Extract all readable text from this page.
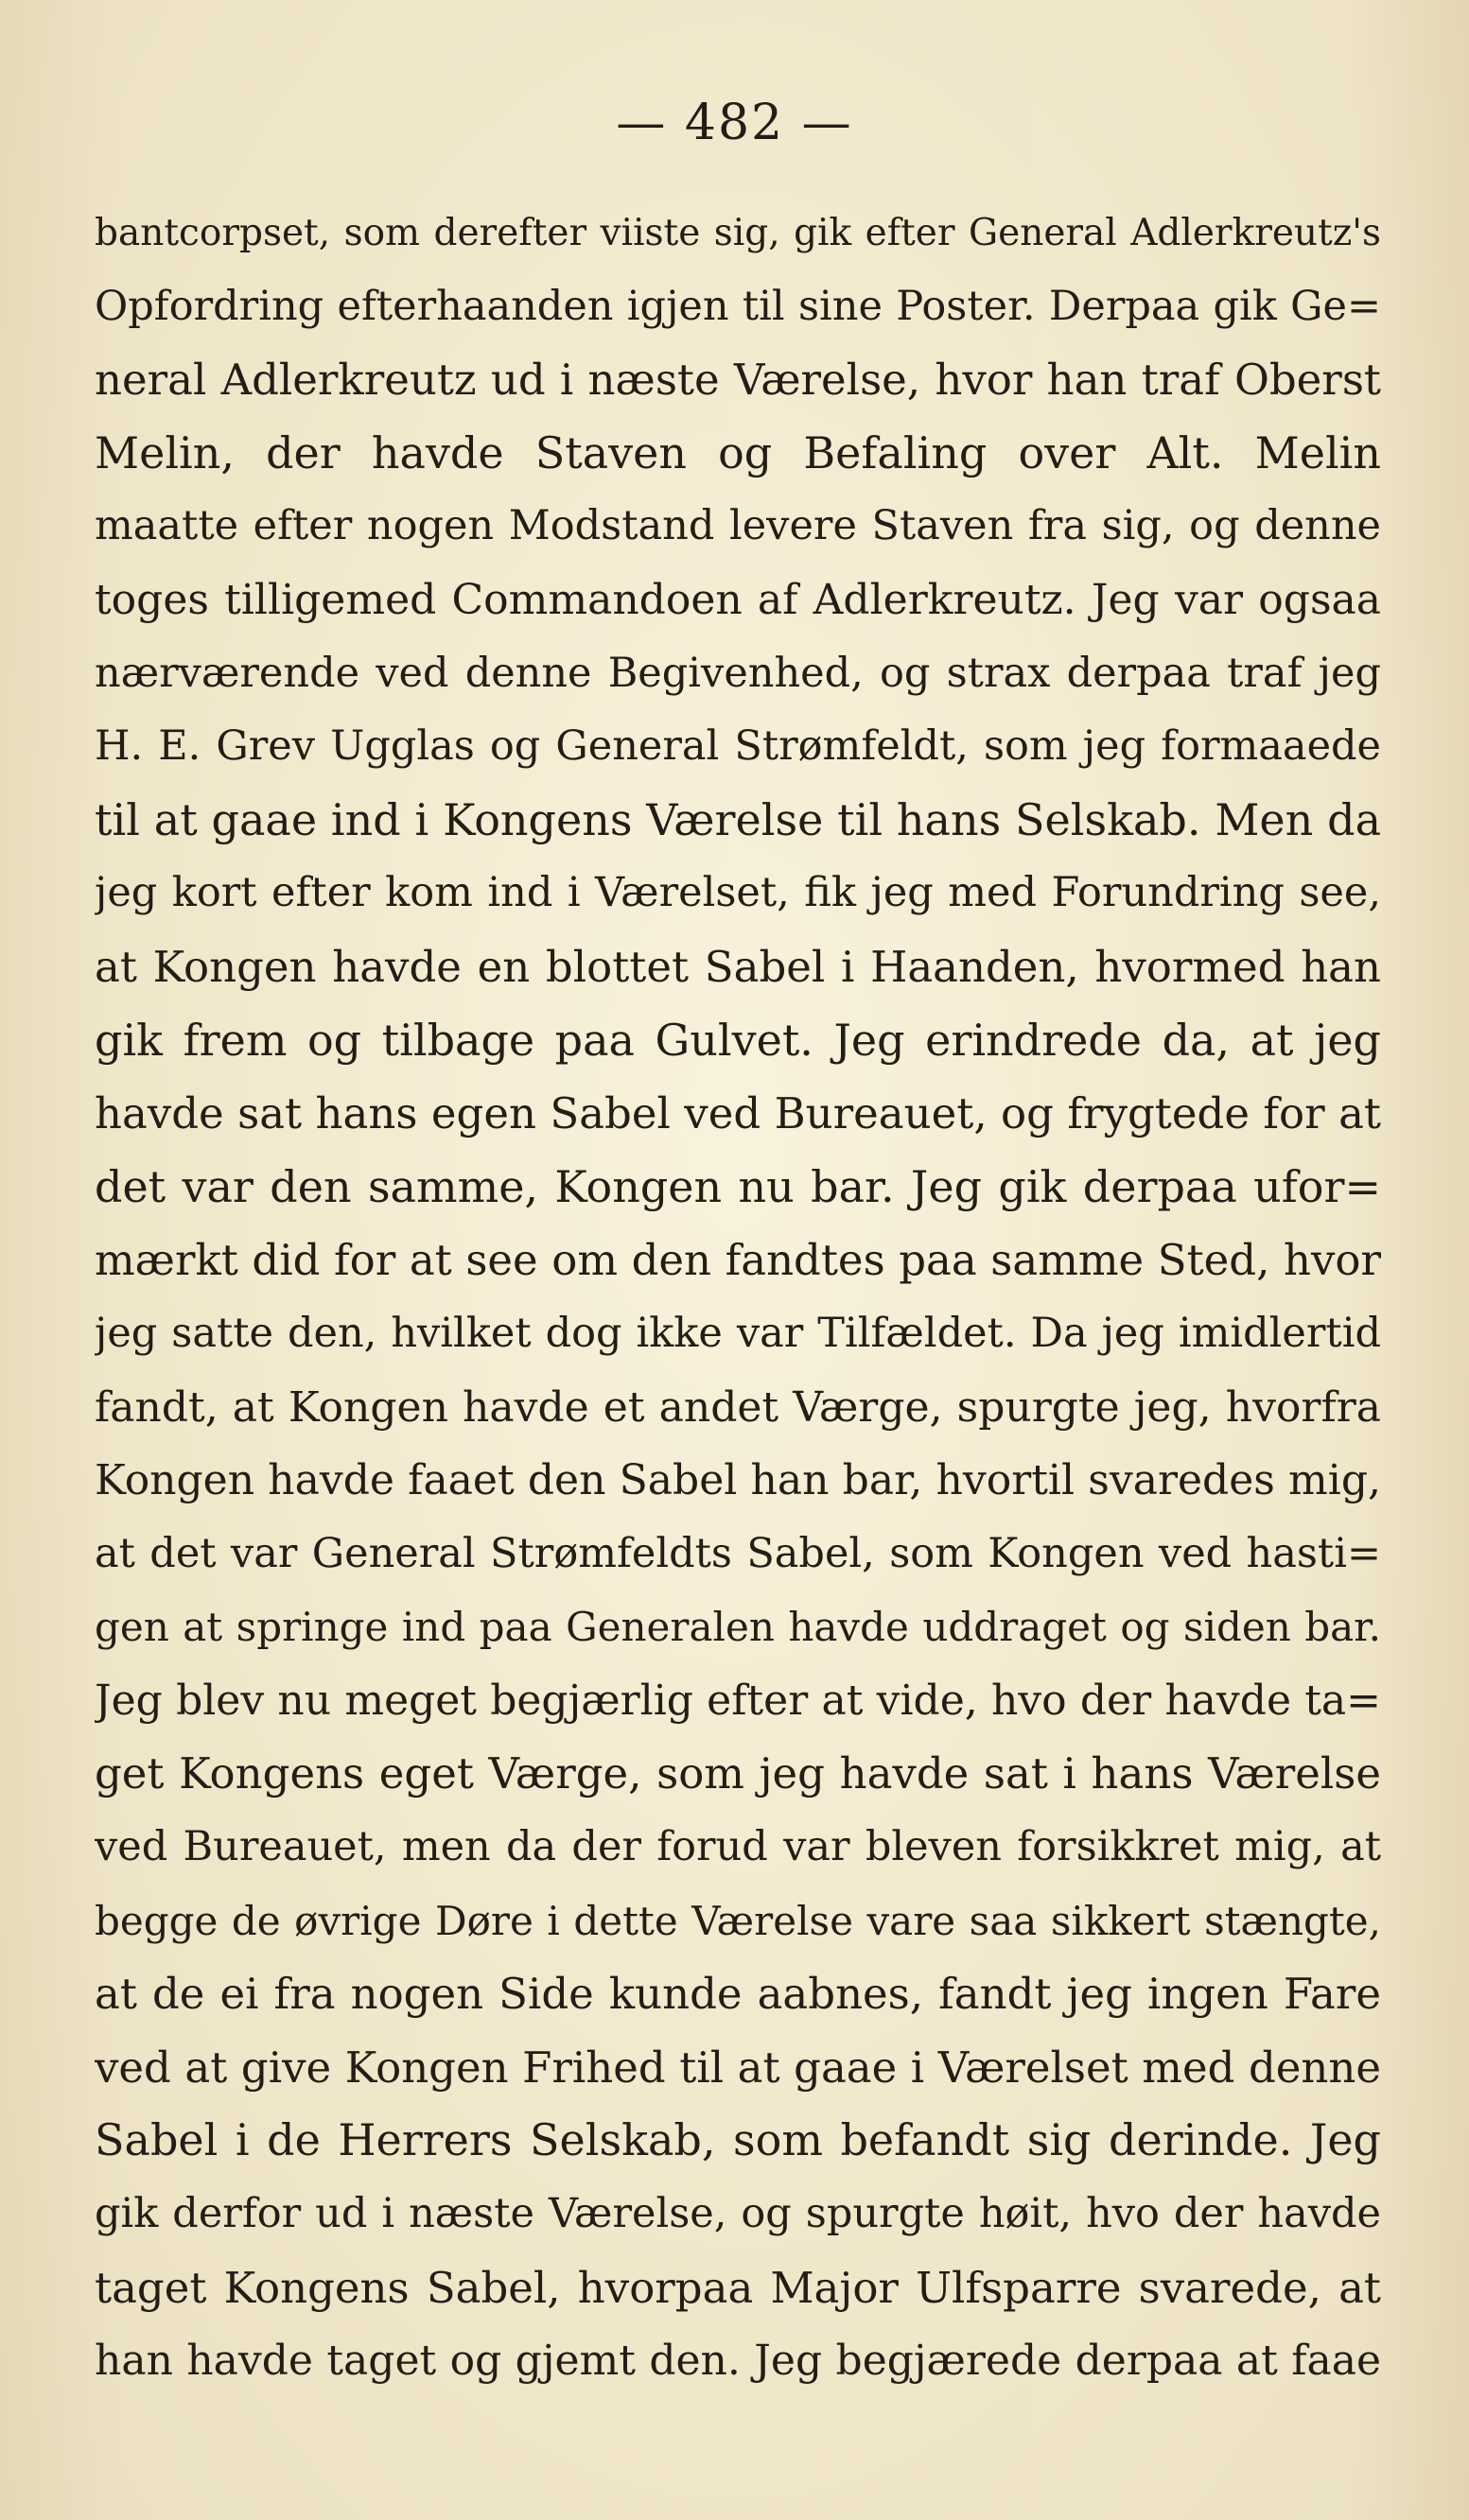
— 482 —
bantcorpset, som derefter viiste sig, gik efter General Adlerkreutz's
Opfordring efterhaanden igjen til sine Poster. Derpaa gik Ge=
neral Adlerkreutz ud i næste Værelse, hvor han traf Oberst
Melin, der havde Staven og Befaling over Alt. Melin
maatte efter nogen Modstand levere Staven fra sig, og denne
toges tilligemed Commandoen af Adlerkreutz. Jeg var ogsaa
nærværende ved denne Begivenhed, og strax derpaa traf jeg
H. E. Grev Ugglas og General Strømfeldt, som jeg formaaede
til at gaae ind i Kongens Værelse til hans Selskab. Men da
jeg kort efter kom ind i Værelset, fik jeg med Forundring see,
at Kongen havde en blottet Sabel i Haanden, hvormed han
gik frem og tilbage paa Gulvet. Jeg erindrede da, at jeg
havde sat hans egen Sabel ved Bureauet, og frygtede for at
det var den samme, Kongen nu bar. Jeg gik derpaa ufor=
mærkt did for at see om den fandtes paa samme Sted, hvor
jeg satte den, hvilket dog ikke var Tilfældet. Da jeg imidlertid
fandt, at Kongen havde et andet Værge, spurgte jeg, hvorfra
Kongen havde faaet den Sabel han bar, hvortil svaredes mig,
at det var General Strømfeldts Sabel, som Kongen ved hasti=
gen at springe ind paa Generalen havde uddraget og siden bar.
Jeg blev nu meget begjærlig efter at vide, hvo der havde ta=
get Kongens eget Værge, som jeg havde sat i hans Værelse
ved Bureauet, men da der forud var bleven forsikkret mig, at
begge de øvrige Døre i dette Værelse vare saa sikkert stængte,
at de ei fra nogen Side kunde aabnes, fandt jeg ingen Fare
ved at give Kongen Frihed til at gaae i Værelset med denne
Sabel i de Herrers Selskab, som befandt sig derinde. Jeg
gik derfor ud i næste Værelse, og spurgte høit, hvo der havde
taget Kongens Sabel, hvorpaa Major Ulfsparre svarede, at
han havde taget og gjemt den. Jeg begjærede derpaa at faae
